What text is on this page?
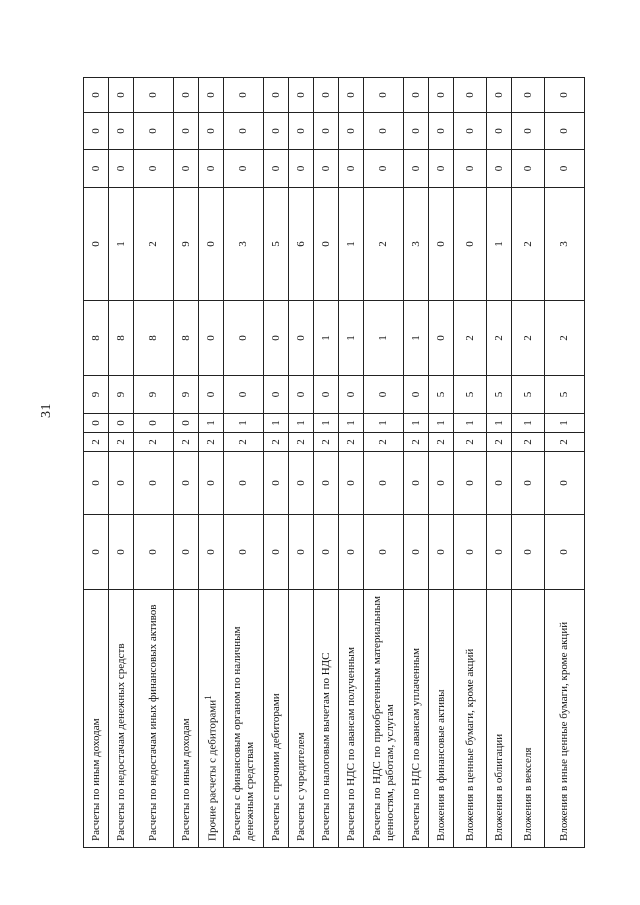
31
Расчеты по иным доходам	0	0	2	0	9	8	0	0	0	0
Расчеты по недостачам денежных средств	0	0	2	0	9	8	1	0	0	0
Расчеты по недостачам иных финансовых активов	0	0	2	0	9	8	2	0	0	0
Расчеты по иным доходам	0	0	2	0	9	8	9	0	0	0
Прочие расчеты с дебиторами$^1$	0	0	2	1	0	0	0	0	0	0
Расчеты с финансовым органом по наличным денежным средствам	0	0	2	1	0	0	3	0	0	0
Расчеты с прочими дебиторами	0	0	2	1	0	0	5	0	0	0
Расчеты с учредителем	0	0	2	1	0	0	6	0	0	0
Расчеты по налоговым вычетам по НДС	0	0	2	1	0	1	0	0	0	0
Расчеты по НДС по авансам полученным	0	0	2	1	0	1	1	0	0	0
Расчеты по НДС по приобретенным материальным ценностям, работам, услугам	0	0	2	1	0	1	2	0	0	0
Расчеты по НДС по авансам уплаченным	0	0	2	1	0	1	3	0	0	0
Вложения в финансовые активы	0	0	2	1	5	0	0	0	0	0
Вложения в ценные бумаги, кроме акций	0	0	2	1	5	2	0	0	0	0
Вложения в облигации	0	0	2	1	5	2	1	0	0	0
Вложения в векселя	0	0	2	1	5	2	2	0	0	0
Вложения в иные ценные бумаги, кроме акций	0	0	2	1	5	2	3	0	0	0
